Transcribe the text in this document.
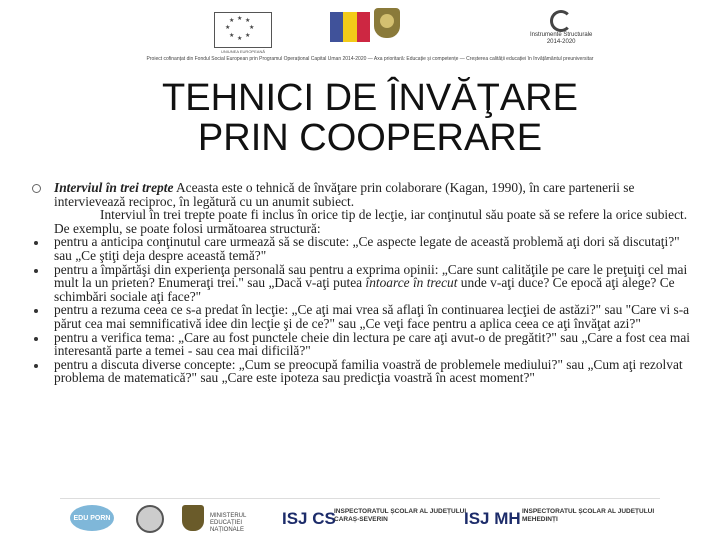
★ ★
★
★
★
★
★
★
UNIUNEA EUROPEANĂ
Instrumente Structurale
2014-2020
Proiect cofinanțat din Fondul Social European prin Programul Operațional Capital Uman 2014-2020 — Axa prioritară: Educație și competențe — Creșterea calității educației în învățământul preuniversitar
TEHNICI DE ÎNVĂŢARE
PRIN COOPERARE
Interviul în trei trepte Aceasta este o tehnică de învăţare prin colaborare (Kagan, 1990), în care partenerii se intervievează reciproc, în legătură cu un anumit subiect.
Interviul în trei trepte poate fi inclus în orice tip de lecţie, iar conţinutul său poate să se refere la orice subiect. De exemplu, se poate folosi următoarea structură:
pentru a anticipa conţinutul care urmează să se discute: „Ce aspecte legate de această problemă aţi dori să discutaţi?" sau „Ce ştiţi deja despre această temă?"
pentru a împărtăşi din experienţa personală sau pentru a exprima opinii: „Care sunt calităţile pe care le preţuiţi cel mai mult la un prieten? Enumeraţi trei." sau „Dacă v-aţi putea întoarce în trecut unde v-aţi duce? Ce epocă aţi alege? Ce schimbări sociale aţi face?"
pentru a rezuma ceea ce s-a predat în lecţie: „Ce aţi mai vrea să aflaţi în continuarea lecţiei de astăzi?" sau "Care vi s-a părut cea mai semnificativă idee din lecţie şi de ce?" sau „Ce veţi face pentru a aplica ceea ce aţi învăţat azi?"
pentru a verifica tema: „Care au fost punctele cheie din lectura pe care aţi avut-o de pregătit?" sau „Care a fost cea mai interesantă parte a temei - sau cea mai dificilă?"
pentru a discuta diverse concepte: „Cum se preocupă familia voastră de problemele mediului?" sau „Cum aţi rezolvat problema de matematică?" sau „Care este ipoteza sau predicţia voastră în acest moment?"
EDU PORN	MINISTERUL EDUCAȚIEI NAȚIONALE
ISJ CS
INSPECTORATUL ȘCOLAR AL JUDEȚULUI CARAȘ-SEVERIN	ISJ MH INSPECTORATUL ȘCOLAR AL JUDEȚULUI MEHEDINȚI
